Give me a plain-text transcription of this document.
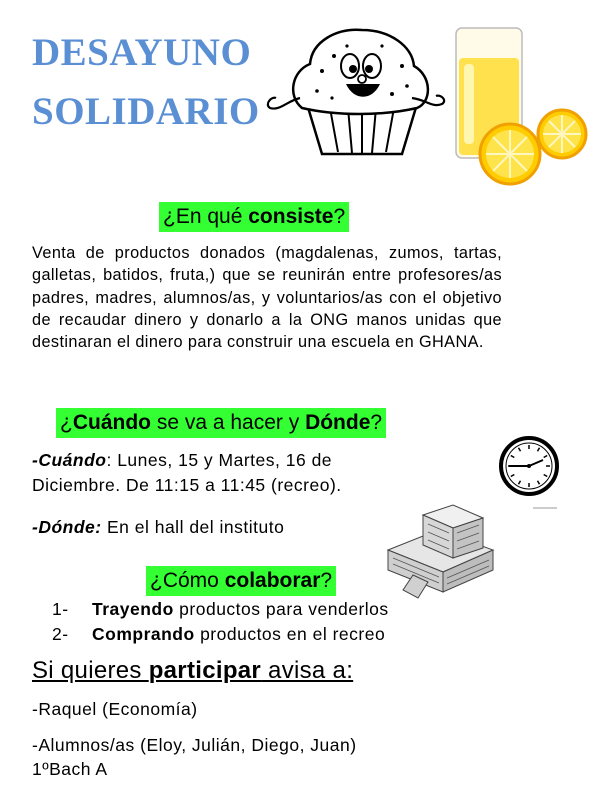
DESAYUNO
SOLIDARIO
¿En qué consiste?
Venta de productos donados (magdalenas, zumos, tartas, galletas, batidos, fruta,) que se reunirán entre profesores/as padres, madres, alumnos/as, y voluntarios/as con el objetivo de recaudar dinero y donarlo a la ONG manos unidas que destinaran el dinero para construir una escuela en GHANA.
¿Cuándo se va a hacer y Dónde?
-Cuándo: Lunes, 15 y Martes, 16 de
Diciembre. De 11:15 a 11:45 (recreo).
-Dónde: En el hall del instituto
¿Cómo colaborar?
1- Trayendo productos para venderlos
2- Comprando productos en el recreo
Si quieres participar avisa a:
-Raquel (Economía)
-Alumnos/as (Eloy, Julián, Diego, Juan)
1ºBach A
